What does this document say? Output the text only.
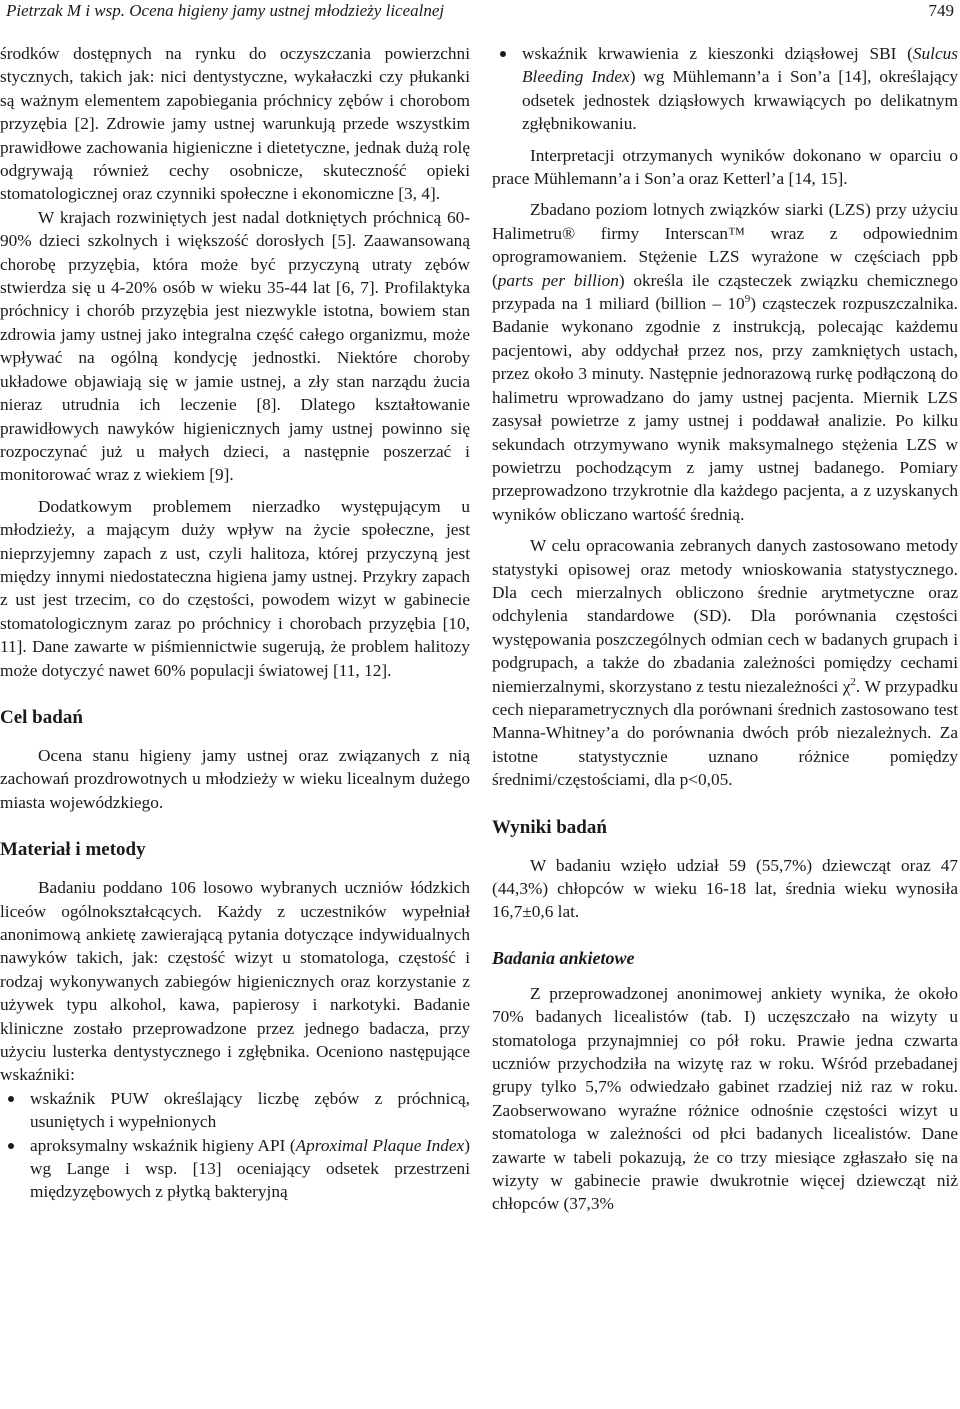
Pietrzak M i wsp. Ocena higieny jamy ustnej młodzieży licealnej	749

środków dostępnych na rynku do oczyszczania powierzchni stycznych, takich jak: nici dentystyczne, wykałaczki czy płukanki są ważnym elementem zapobiegania próchnicy zębów i chorobom przyzębia [2]. Zdrowie jamy ustnej warunkują przede wszystkim prawidłowe zachowania higieniczne i dietetyczne, jednak dużą rolę odgrywają również cechy osobnicze, skuteczność opieki stomatologicznej oraz czynniki społeczne i ekonomiczne [3, 4].

W krajach rozwiniętych jest nadal dotkniętych próchnicą 60-90% dzieci szkolnych i większość dorosłych [5]. Zaawansowaną chorobę przyzębia, która może być przyczyną utraty zębów stwierdza się u 4-20% osób w wieku 35-44 lat [6, 7]. Profilaktyka próchnicy i chorób przyzębia jest niezwykle istotna, bowiem stan zdrowia jamy ustnej jako integralna część całego organizmu, może wpływać na ogólną kondycję jednostki. Niektóre choroby układowe objawiają się w jamie ustnej, a zły stan narządu żucia nieraz utrudnia ich leczenie [8]. Dlatego kształtowanie prawidłowych nawyków higienicznych jamy ustnej powinno się rozpoczynać już u małych dzieci, a następnie poszerzać i monitorować wraz z wiekiem [9].

Dodatkowym problemem nierzadko występującym u młodzieży, a mającym duży wpływ na życie społeczne, jest nieprzyjemny zapach z ust, czyli halitoza, której przyczyną jest między innymi niedostateczna higiena jamy ustnej. Przykry zapach z ust jest trzecim, co do częstości, powodem wizyt w gabinecie stomatologicznym zaraz po próchnicy i chorobach przyzębia [10, 11]. Dane zawarte w piśmiennictwie sugerują, że problem halitozy może dotyczyć nawet 60% populacji światowej [11, 12].

Cel badań

Ocena stanu higieny jamy ustnej oraz związanych z nią zachowań prozdrowotnych u młodzieży w wieku licealnym dużego miasta wojewódzkiego.

Materiał i metody

Badaniu poddano 106 losowo wybranych uczniów łódzkich liceów ogólnokształcących. Każdy z uczestników wypełniał anonimową ankietę zawierającą pytania dotyczące indywidualnych nawyków takich, jak: częstość wizyt u stomatologa, częstość i rodzaj wykonywanych zabiegów higienicznych oraz korzystanie z używek typu alkohol, kawa, papierosy i narkotyki. Badanie kliniczne zostało przeprowadzone przez jednego badacza, przy użyciu lusterka dentystycznego i zgłębnika. Oceniono następujące wskaźniki:

wskaźnik PUW określający liczbę zębów z próchnicą, usuniętych i wypełnionych
aproksymalny wskaźnik higieny API (Aproximal Plaque Index) wg Lange i wsp. [13] oceniający odsetek przestrzeni międzyzębowych z płytką bakteryjną
wskaźnik krwawienia z kieszonki dziąsłowej SBI (Sulcus Bleeding Index) wg Mühlemann’a i Son’a [14], określający odsetek jednostek dziąsłowych krwawiących po delikatnym zgłębnikowaniu.

Interpretacji otrzymanych wyników dokonano w oparciu o prace Mühlemann’a i Son’a oraz Ketterl’a [14, 15].

Zbadano poziom lotnych związków siarki (LZS) przy użyciu Halimetru® firmy Interscan™ wraz z odpowiednim oprogramowaniem. Stężenie LZS wyrażone w częściach ppb (parts per billion) określa ile cząsteczek związku chemicznego przypada na 1 miliard (billion – $10^9$) cząsteczek rozpuszczalnika. Badanie wykonano zgodnie z instrukcją, polecając każdemu pacjentowi, aby oddychał przez nos, przy zamkniętych ustach, przez około 3 minuty. Następnie jednorazową rurkę podłączoną do halimetru wprowadzano do jamy ustnej pacjenta. Miernik LZS zasysał powietrze z jamy ustnej i poddawał analizie. Po kilku sekundach otrzymywano wynik maksymalnego stężenia LZS w powietrzu pochodzącym z jamy ustnej badanego. Pomiary przeprowadzono trzykrotnie dla każdego pacjenta, a z uzyskanych wyników obliczano wartość średnią.

W celu opracowania zebranych danych zastosowano metody statystyki opisowej oraz metody wnioskowania statystycznego. Dla cech mierzalnych obliczono średnie arytmetyczne oraz odchylenia standardowe (SD). Dla porównania częstości występowania poszczególnych odmian cech w badanych grupach i podgrupach, a także do zbadania zależności pomiędzy cechami niemierzalnymi, skorzystano z testu niezależności $\chi^2$. W przypadku cech nieparametrycznych dla porównani średnich zastosowano test Manna-Whitney’a do porównania dwóch prób niezależnych. Za istotne statystycznie uznano różnice pomiędzy średnimi/częstościami, dla p<0,05.

Wyniki badań

W badaniu wzięło udział 59 (55,7%) dziewcząt oraz 47 (44,3%) chłopców w wieku 16-18 lat, średnia wieku wynosiła 16,7±0,6 lat.

Badania ankietowe

Z przeprowadzonej anonimowej ankiety wynika, że około 70% badanych licealistów (tab. I) uczęszczało na wizyty u stomatologa przynajmniej co pół roku. Prawie jedna czwarta uczniów przychodziła na wizytę raz w roku. Wśród przebadanej grupy tylko 5,7% odwiedzało gabinet rzadziej niż raz w roku. Zaobserwowano wyraźne różnice odnośnie częstości wizyt u stomatologa w zależności od płci badanych licealistów. Dane zawarte w tabeli pokazują, że co trzy miesiące zgłaszało się na wizyty w gabinecie prawie dwukrotnie więcej dziewcząt niż chłopców (37,3%
